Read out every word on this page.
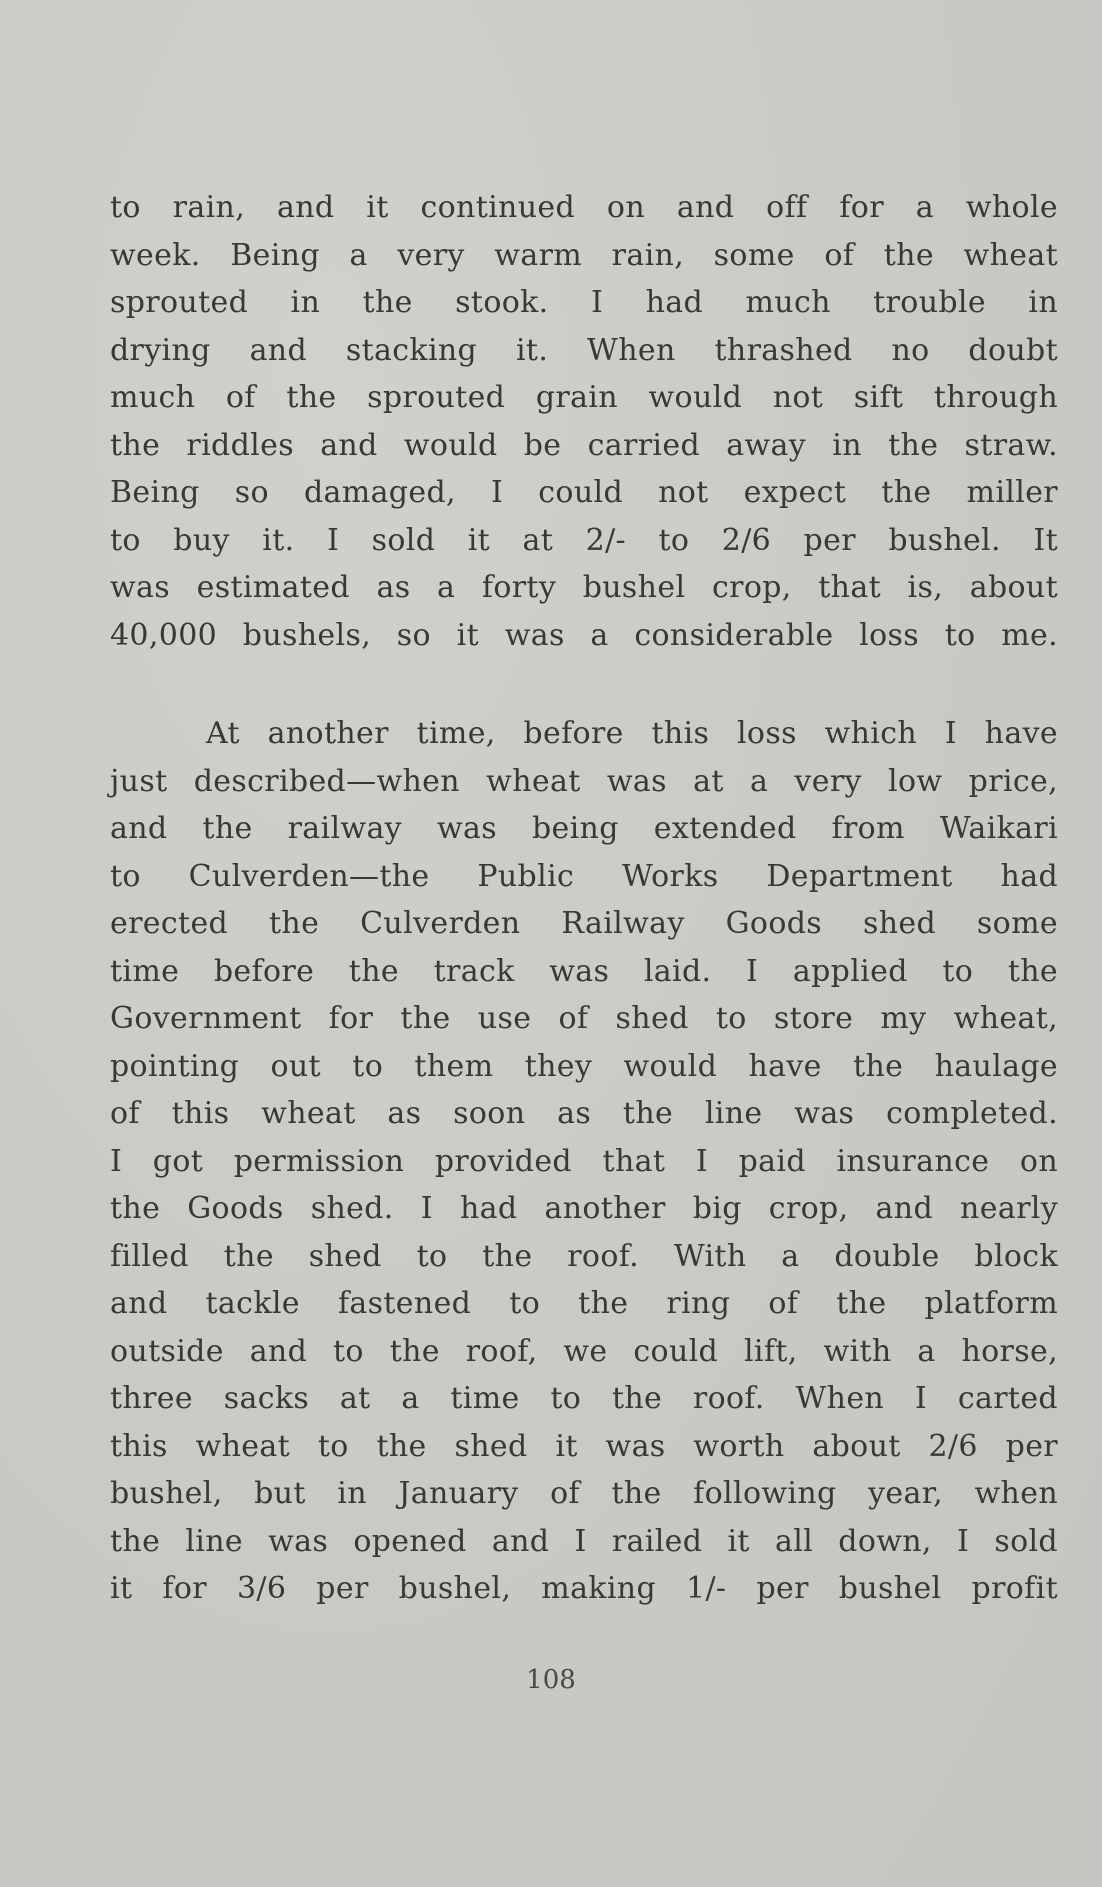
to rain, and it continued on and off for a whole
week. Being a very warm rain, some of the wheat
sprouted in the stook. I had much trouble in
drying and stacking it. When thrashed no doubt
much of the sprouted grain would not sift through
the riddles and would be carried away in the straw.
Being so damaged, I could not expect the miller
to buy it. I sold it at 2/- to 2/6 per bushel. It
was estimated as a forty bushel crop, that is, about
40,000 bushels, so it was a considerable loss to me.
At another time, before this loss which I have
just described—when wheat was at a very low price,
and the railway was being extended from Waikari
to Culverden—the Public Works Department had
erected the Culverden Railway Goods shed some
time before the track was laid. I applied to the
Government for the use of shed to store my wheat,
pointing out to them they would have the haulage
of this wheat as soon as the line was completed.
I got permission provided that I paid insurance on
the Goods shed. I had another big crop, and nearly
filled the shed to the roof. With a double block
and tackle fastened to the ring of the platform
outside and to the roof, we could lift, with a horse,
three sacks at a time to the roof. When I carted
this wheat to the shed it was worth about 2/6 per
bushel, but in January of the following year, when
the line was opened and I railed it all down, I sold
it for 3/6 per bushel, making 1/- per bushel profit
108
